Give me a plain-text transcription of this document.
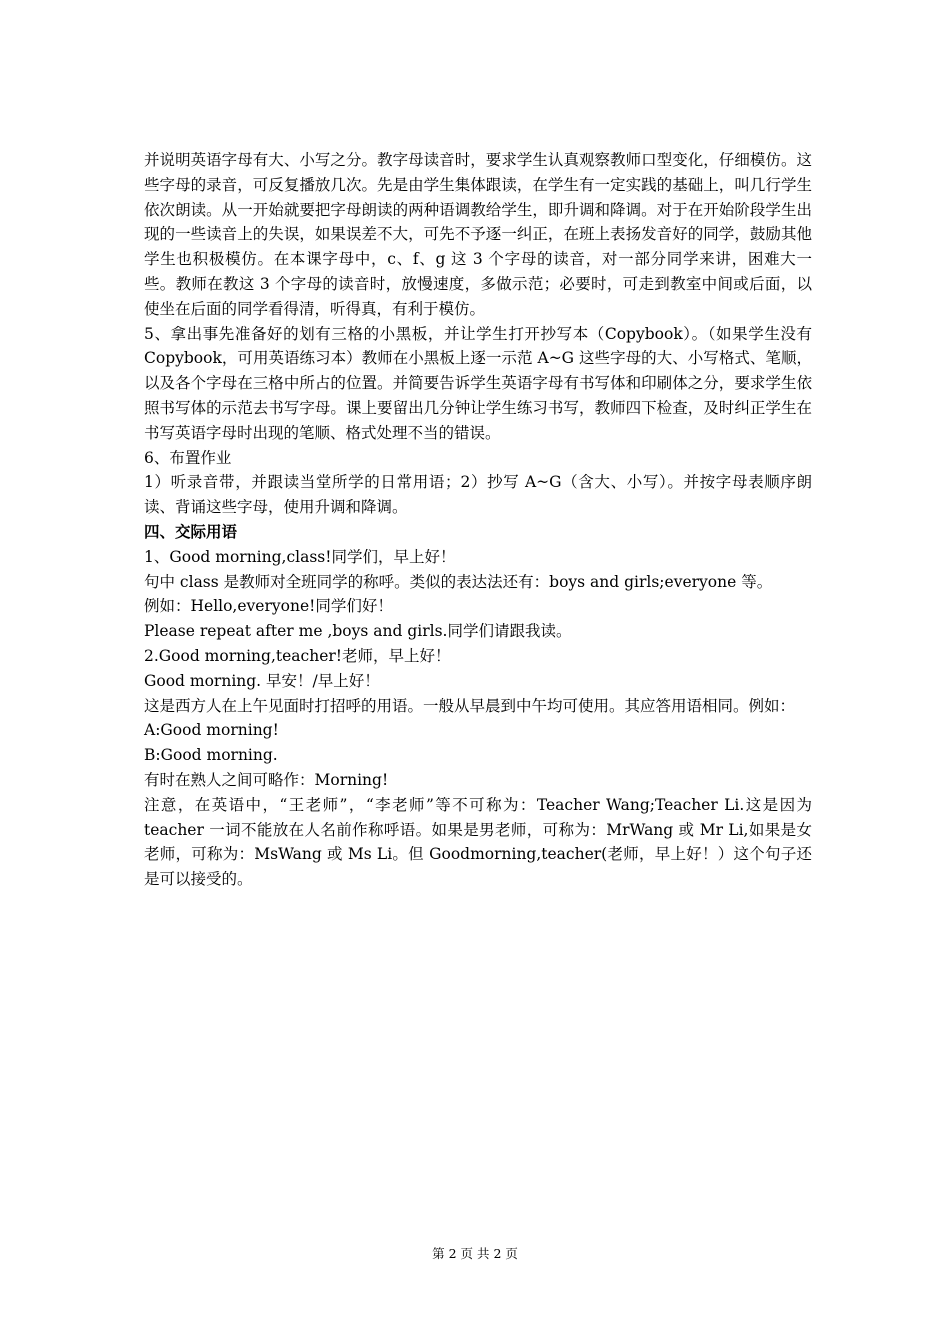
并说明英语字母有大、小写之分。教字母读音时，要求学生认真观察教师口型变化，仔细模仿。这些字母的录音，可反复播放几次。先是由学生集体跟读，在学生有一定实践的基础上，叫几行学生依次朗读。从一开始就要把字母朗读的两种语调教给学生，即升调和降调。对于在开始阶段学生出现的一些读音上的失误，如果误差不大，可先不予逐一纠正，在班上表扬发音好的同学，鼓励其他学生也积极模仿。在本课字母中，c、f、g 这 3 个字母的读音，对一部分同学来讲，困难大一些。教师在教这 3 个字母的读音时，放慢速度，多做示范；必要时，可走到教室中间或后面，以使坐在后面的同学看得清，听得真，有利于模仿。

5、拿出事先准备好的划有三格的小黑板，并让学生打开抄写本（Copybook）。（如果学生没有 Copybook，可用英语练习本）教师在小黑板上逐一示范 A~G 这些字母的大、小写格式、笔顺，以及各个字母在三格中所占的位置。并简要告诉学生英语字母有书写体和印刷体之分，要求学生依照书写体的示范去书写字母。课上要留出几分钟让学生练习书写，教师四下检查，及时纠正学生在书写英语字母时出现的笔顺、格式处理不当的错误。

6、布置作业

1）听录音带，并跟读当堂所学的日常用语；2）抄写 A~G（含大、小写）。并按字母表顺序朗读、背诵这些字母，使用升调和降调。

四、交际用语

1、Good morning,class!同学们，早上好！

句中 class 是教师对全班同学的称呼。类似的表达法还有：boys and girls;everyone 等。

例如：Hello,everyone!同学们好！

Please repeat after me ,boys and girls.同学们请跟我读。

2.Good morning,teacher!老师，早上好！

Good morning. 早安！/早上好！

这是西方人在上午见面时打招呼的用语。一般从早晨到中午均可使用。其应答用语相同。例如：

A:Good morning!

B:Good morning.

有时在熟人之间可略作：Morning!

注意，在英语中，“王老师”，“李老师”等不可称为：Teacher Wang;Teacher Li.这是因为 teacher 一词不能放在人名前作称呼语。如果是男老师，可称为：MrWang 或 Mr Li,如果是女老师，可称为：MsWang 或 Ms Li。但 Goodmorning,teacher(老师，早上好！）这个句子还是可以接受的。

第 2 页 共 2 页
